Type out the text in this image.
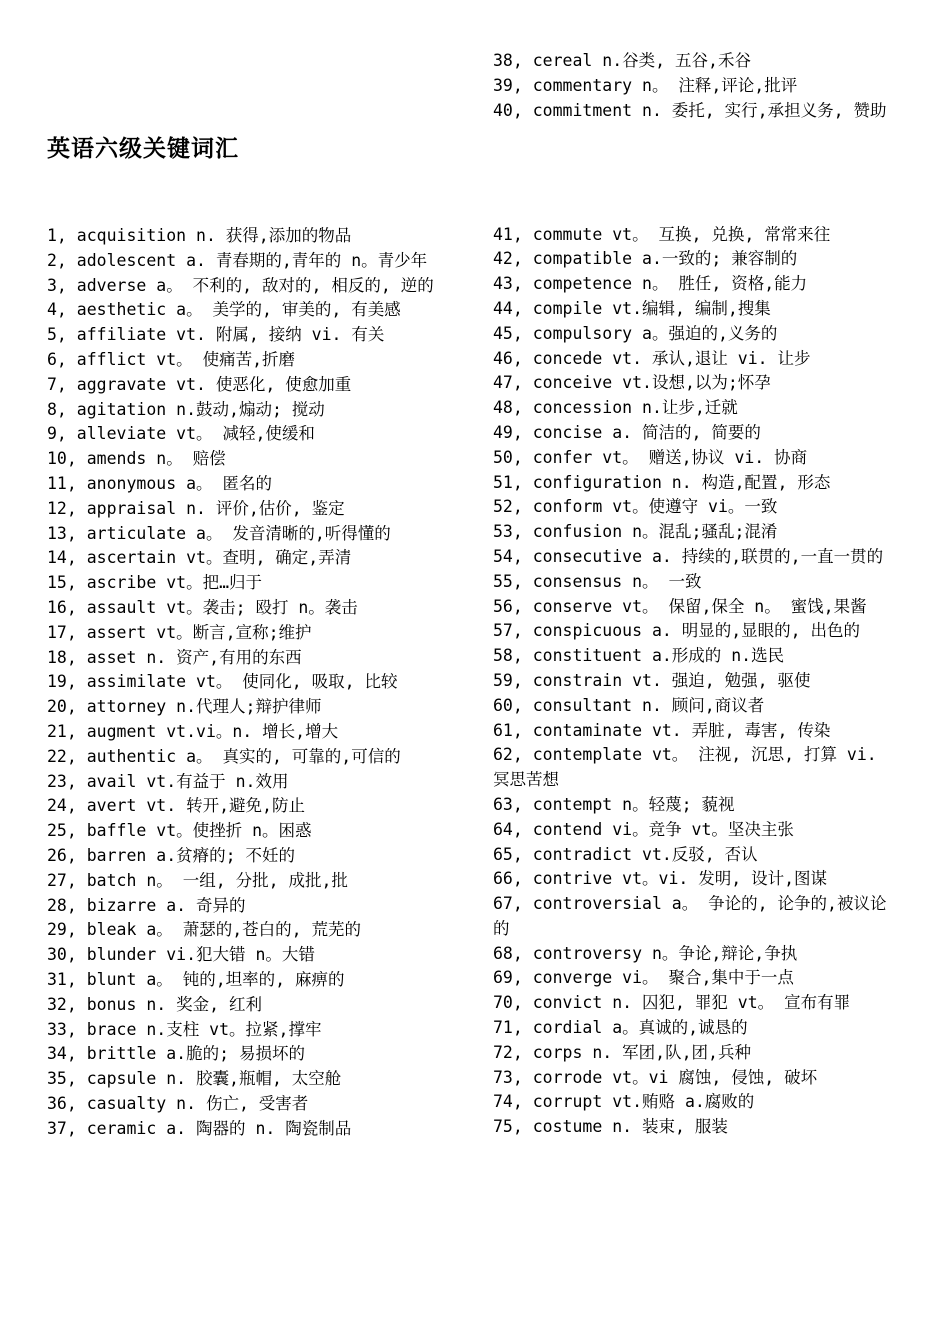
英语六级关键词汇
1, acquisition n. 获得,添加的物品
2, adolescent a. 青春期的,青年的 n。青少年
3, adverse a。 不利的, 敌对的, 相反的, 逆的
4, aesthetic a。 美学的, 审美的, 有美感
5, affiliate vt. 附属, 接纳 vi. 有关
6, afflict vt。 使痛苦,折磨
7, aggravate vt. 使恶化, 使愈加重
8, agitation n.鼓动,煽动; 搅动
9, alleviate vt。 减轻,使缓和
10, amends n。 赔偿
11, anonymous a。 匿名的
12, appraisal n. 评价,估价, 鉴定
13, articulate a。 发音清晰的,听得懂的
14, ascertain vt。查明, 确定,弄清
15, ascribe vt。把…归于
16, assault vt。袭击; 殴打 n。袭击
17, assert vt。断言,宣称;维护
18, asset n. 资产,有用的东西
19, assimilate vt。 使同化, 吸取, 比较
20, attorney n.代理人;辩护律师
21, augment vt.vi。n. 增长,增大
22, authentic a。 真实的, 可靠的,可信的
23, avail vt.有益于 n.效用
24, avert vt. 转开,避免,防止
25, baffle vt。使挫折 n。困惑
26, barren a.贫瘠的; 不妊的
27, batch n。 一组, 分批, 成批,批
28, bizarre a. 奇异的
29, bleak a。 萧瑟的,苍白的, 荒芜的
30, blunder vi.犯大错 n。大错
31, blunt a。 钝的,坦率的, 麻痹的
32, bonus n. 奖金, 红利
33, brace n.支柱 vt。拉紧,撑牢
34, brittle a.脆的; 易损坏的
35, capsule n. 胶囊,瓶帽, 太空舱
36, casualty n. 伤亡, 受害者
37, ceramic a. 陶器的 n. 陶瓷制品
38, cereal n.谷类, 五谷,禾谷
39, commentary n。 注释,评论,批评
40, commitment n. 委托, 实行,承担义务, 赞助
41, commute vt。 互换, 兑换, 常常来往
42, compatible a.一致的; 兼容制的
43, competence n。 胜任, 资格,能力
44, compile vt.编辑, 编制,搜集
45, compulsory a。强迫的,义务的
46, concede vt. 承认,退让 vi. 让步
47, conceive vt.设想,以为;怀孕
48, concession n.让步,迁就
49, concise a. 简洁的, 简要的
50, confer vt。 赠送,协议 vi. 协商
51, configuration n. 构造,配置, 形态
52, conform vt。使遵守 vi。一致
53, confusion n。混乱;骚乱;混淆
54, consecutive a. 持续的,联贯的,一直一贯的
55, consensus n。 一致
56, conserve vt。 保留,保全 n。 蜜饯,果酱
57, conspicuous a. 明显的,显眼的, 出色的
58, constituent a.形成的 n.选民
59, constrain vt. 强迫, 勉强, 驱使
60, consultant n. 顾问,商议者
61, contaminate vt. 弄脏, 毒害, 传染
62, contemplate vt。 注视, 沉思, 打算 vi. 冥思苦想
63, contempt n。轻蔑; 藐视
64, contend vi。竞争 vt。坚决主张
65, contradict vt.反驳, 否认
66, contrive vt。vi. 发明, 设计,图谋
67, controversial a。 争论的, 论争的,被议论的
68, controversy n。争论,辩论,争执
69, converge vi。 聚合,集中于一点
70, convict n. 囚犯, 罪犯 vt。 宣布有罪
71, cordial a。真诚的,诚恳的
72, corps n. 军团,队,团,兵种
73, corrode vt。vi 腐蚀, 侵蚀, 破坏
74, corrupt vt.贿赂 a.腐败的
75, costume n. 装束, 服装
